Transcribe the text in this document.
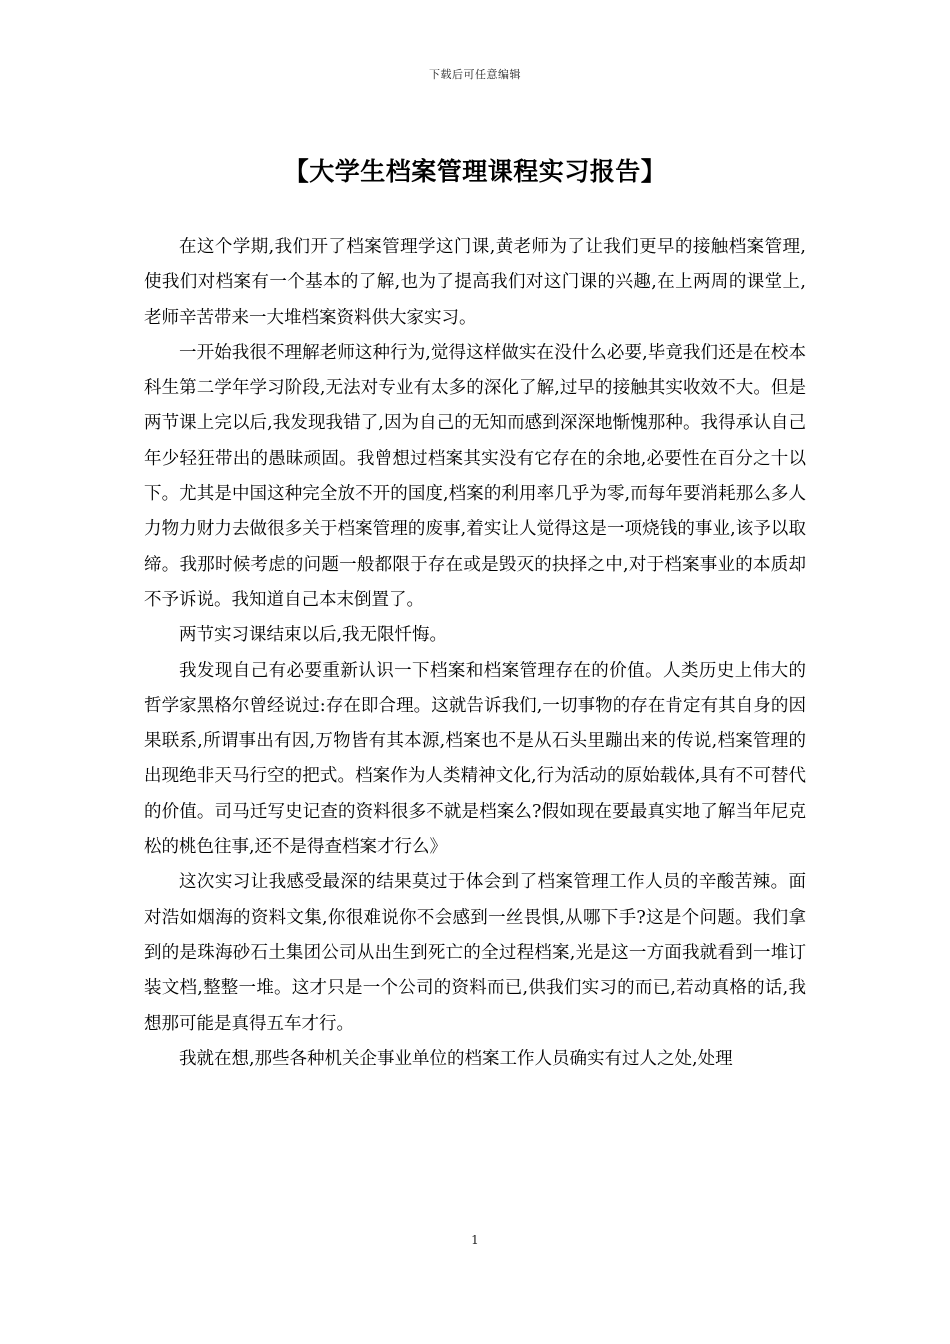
下载后可任意编辑
【大学生档案管理课程实习报告】

在这个学期,我们开了档案管理学这门课,黄老师为了让我们更早的接触档案管理,使我们对档案有一个基本的了解,也为了提高我们对这门课的兴趣,在上两周的课堂上,老师辛苦带来一大堆档案资料供大家实习。

一开始我很不理解老师这种行为,觉得这样做实在没什么必要,毕竟我们还是在校本科生第二学年学习阶段,无法对专业有太多的深化了解,过早的接触其实收效不大。但是两节课上完以后,我发现我错了,因为自己的无知而感到深深地惭愧那种。我得承认自己年少轻狂带出的愚昧顽固。我曾想过档案其实没有它存在的余地,必要性在百分之十以下。尤其是中国这种完全放不开的国度,档案的利用率几乎为零,而每年要消耗那么多人力物力财力去做很多关于档案管理的废事,着实让人觉得这是一项烧钱的事业,该予以取缔。我那时候考虑的问题一般都限于存在或是毁灭的抉择之中,对于档案事业的本质却不予诉说。我知道自己本末倒置了。

两节实习课结束以后,我无限忏悔。

我发现自己有必要重新认识一下档案和档案管理存在的价值。人类历史上伟大的哲学家黑格尔曾经说过:存在即合理。这就告诉我们,一切事物的存在肯定有其自身的因果联系,所谓事出有因,万物皆有其本源,档案也不是从石头里蹦出来的传说,档案管理的出现绝非天马行空的把式。档案作为人类精神文化,行为活动的原始载体,具有不可替代的价值。司马迁写史记查的资料很多不就是档案么?假如现在要最真实地了解当年尼克松的桃色往事,还不是得查档案才行么》

这次实习让我感受最深的结果莫过于体会到了档案管理工作人员的辛酸苦辣。面对浩如烟海的资料文集,你很难说你不会感到一丝畏惧,从哪下手?这是个问题。我们拿到的是珠海砂石土集团公司从出生到死亡的全过程档案,光是这一方面我就看到一堆订装文档,整整一堆。这才只是一个公司的资料而已,供我们实习的而已,若动真格的话,我想那可能是真得五车才行。

我就在想,那些各种机关企事业单位的档案工作人员确实有过人之处,处理

1
